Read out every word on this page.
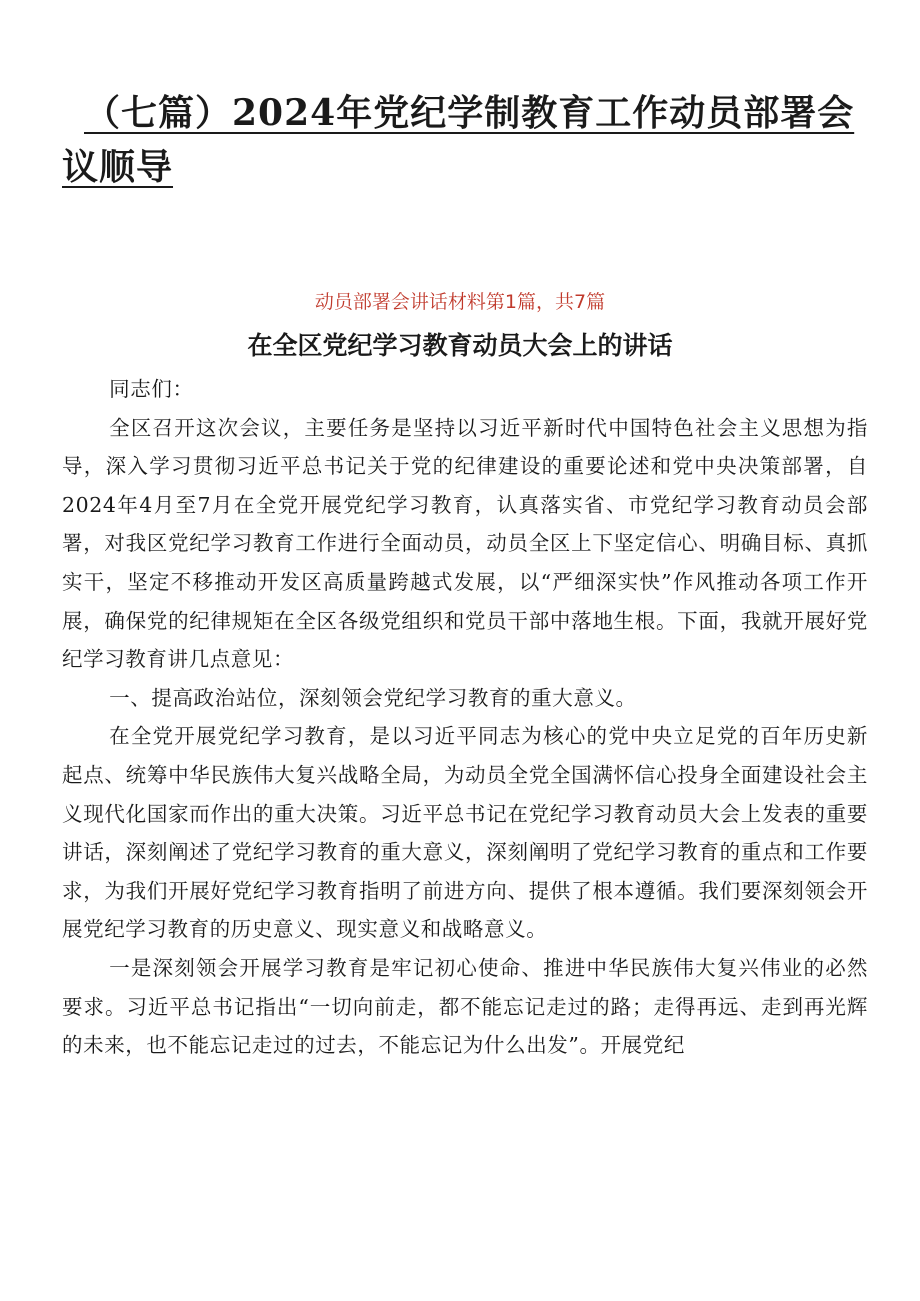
（七篇）2024年党纪学制教育工作动员部署会议顺导

动员部署会讲话材料第1篇，共7篇

在全区党纪学习教育动员大会上的讲话

同志们：

全区召开这次会议，主要任务是坚持以习近平新时代中国特色社会主义思想为指导，深入学习贯彻习近平总书记关于党的纪律建设的重要论述和党中央决策部署，自2024年4月至7月在全党开展党纪学习教育，认真落实省、市党纪学习教育动员会部署，对我区党纪学习教育工作进行全面动员，动员全区上下坚定信心、明确目标、真抓实干，坚定不移推动开发区高质量跨越式发展，以“严细深实快”作风推动各项工作开展，确保党的纪律规矩在全区各级党组织和党员干部中落地生根。下面，我就开展好党纪学习教育讲几点意见：

一、提高政治站位，深刻领会党纪学习教育的重大意义。

在全党开展党纪学习教育，是以习近平同志为核心的党中央立足党的百年历史新起点、统筹中华民族伟大复兴战略全局，为动员全党全国满怀信心投身全面建设社会主义现代化国家而作出的重大决策。习近平总书记在党纪学习教育动员大会上发表的重要讲话，深刻阐述了党纪学习教育的重大意义，深刻阐明了党纪学习教育的重点和工作要求，为我们开展好党纪学习教育指明了前进方向、提供了根本遵循。我们要深刻领会开展党纪学习教育的历史意义、现实意义和战略意义。

一是深刻领会开展学习教育是牢记初心使命、推进中华民族伟大复兴伟业的必然要求。习近平总书记指出“一切向前走，都不能忘记走过的路；走得再远、走到再光辉的未来，也不能忘记走过的过去，不能忘记为什么出发”。开展党纪
